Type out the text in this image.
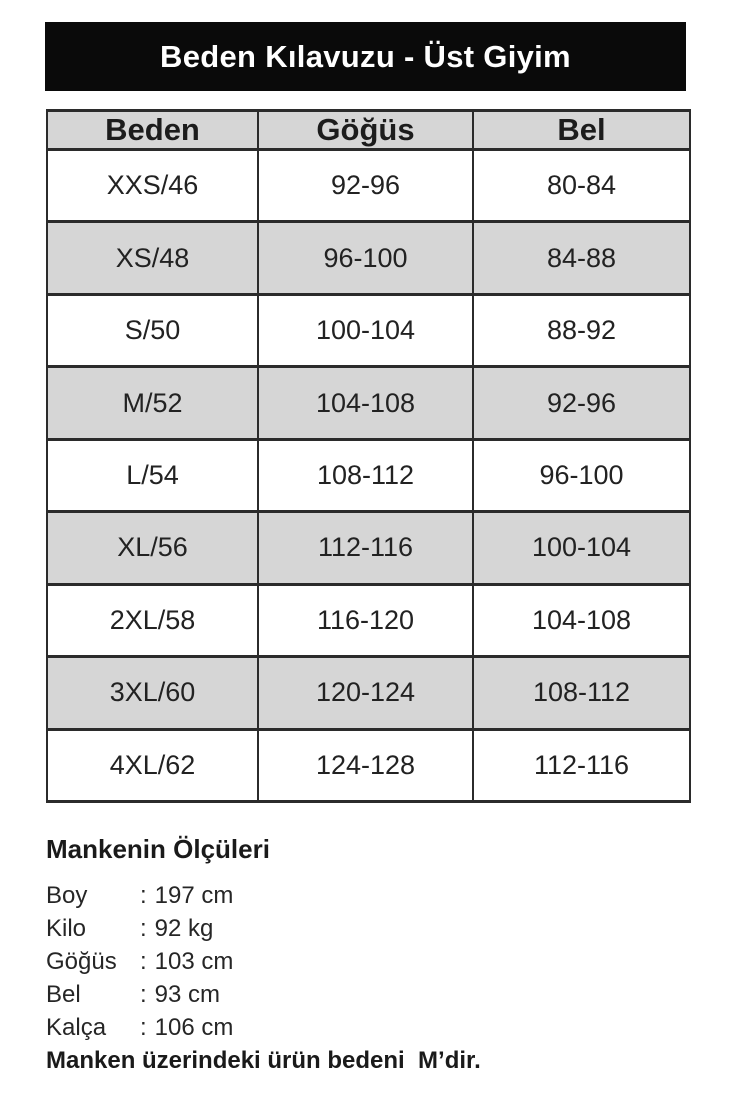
Beden Kılavuzu - Üst Giyim
Beden	Göğüs	Bel
XXS/46	92-96	80-84
XS/48	96-100	84-88
S/50	100-104	88-92
M/52	104-108	92-96
L/54	108-112	96-100
XL/56	112-116	100-104
2XL/58	116-120	104-108
3XL/60	120-124	108-112
4XL/62	124-128	112-116
Mankenin Ölçüleri
Boy	: 197 cm
Kilo	: 92 kg
Göğüs : 103 cm
Bel	: 93 cm
Kalça	: 106 cm
Manken üzerindeki ürün bedeni  M’dir.
